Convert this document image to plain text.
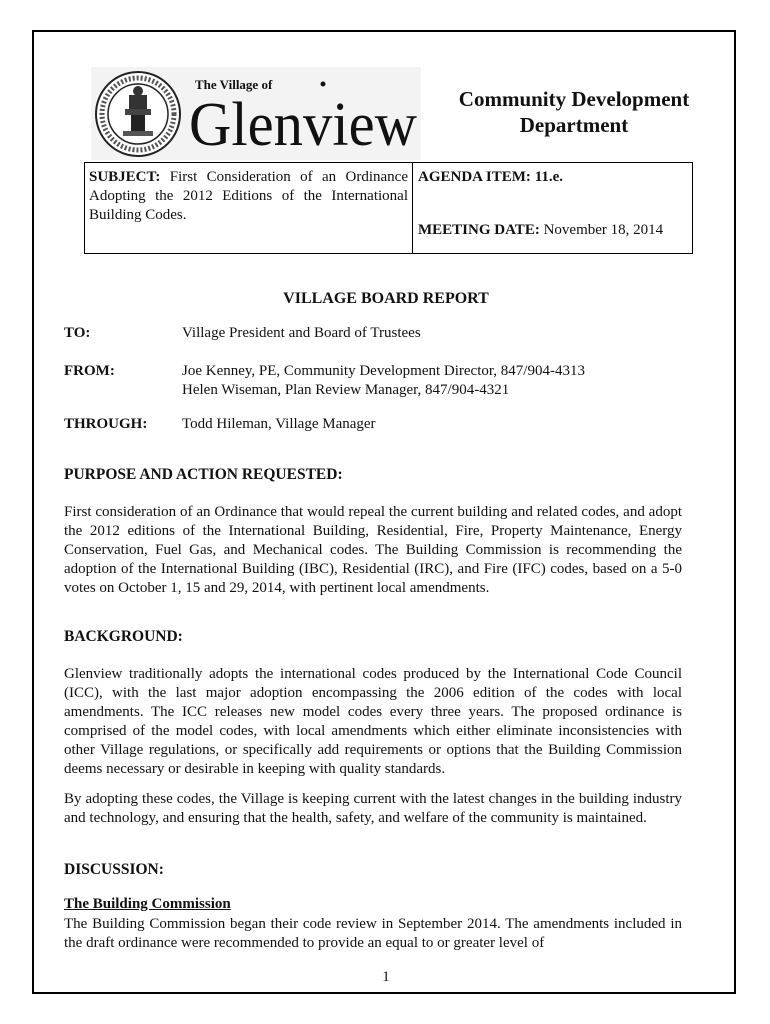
The Village of
Glenview	Community Development
Department
SUBJECT: First Consideration of an Ordinance Adopting the 2012 Editions of the International Building Codes.
AGENDA ITEM: 11.e.
MEETING DATE: November 18, 2014
VILLAGE BOARD REPORT
TO:	Village President and Board of Trustees
FROM:	Joe Kenney, PE, Community Development Director, 847/904-4313
Helen Wiseman, Plan Review Manager, 847/904-4321
THROUGH: Todd Hileman, Village Manager
PURPOSE AND ACTION REQUESTED:

First consideration of an Ordinance that would repeal the current building and related codes, and adopt the 2012 editions of the International Building, Residential, Fire, Property Maintenance, Energy Conservation, Fuel Gas, and Mechanical codes. The Building Commission is recommending the adoption of the International Building (IBC), Residential (IRC), and Fire (IFC) codes, based on a 5-0 votes on October 1, 15 and 29, 2014, with pertinent local amendments.

BACKGROUND:

Glenview traditionally adopts the international codes produced by the International Code Council (ICC), with the last major adoption encompassing the 2006 edition of the codes with local amendments. The ICC releases new model codes every three years. The proposed ordinance is comprised of the model codes, with local amendments which either eliminate inconsistencies with other Village regulations, or specifically add requirements or options that the Building Commission deems necessary or desirable in keeping with quality standards.

By adopting these codes, the Village is keeping current with the latest changes in the building industry and technology, and ensuring that the health, safety, and welfare of the community is maintained.

DISCUSSION:
The Building Commission

The Building Commission began their code review in September 2014. The amendments included in the draft ordinance were recommended to provide an equal to or greater level of

1
